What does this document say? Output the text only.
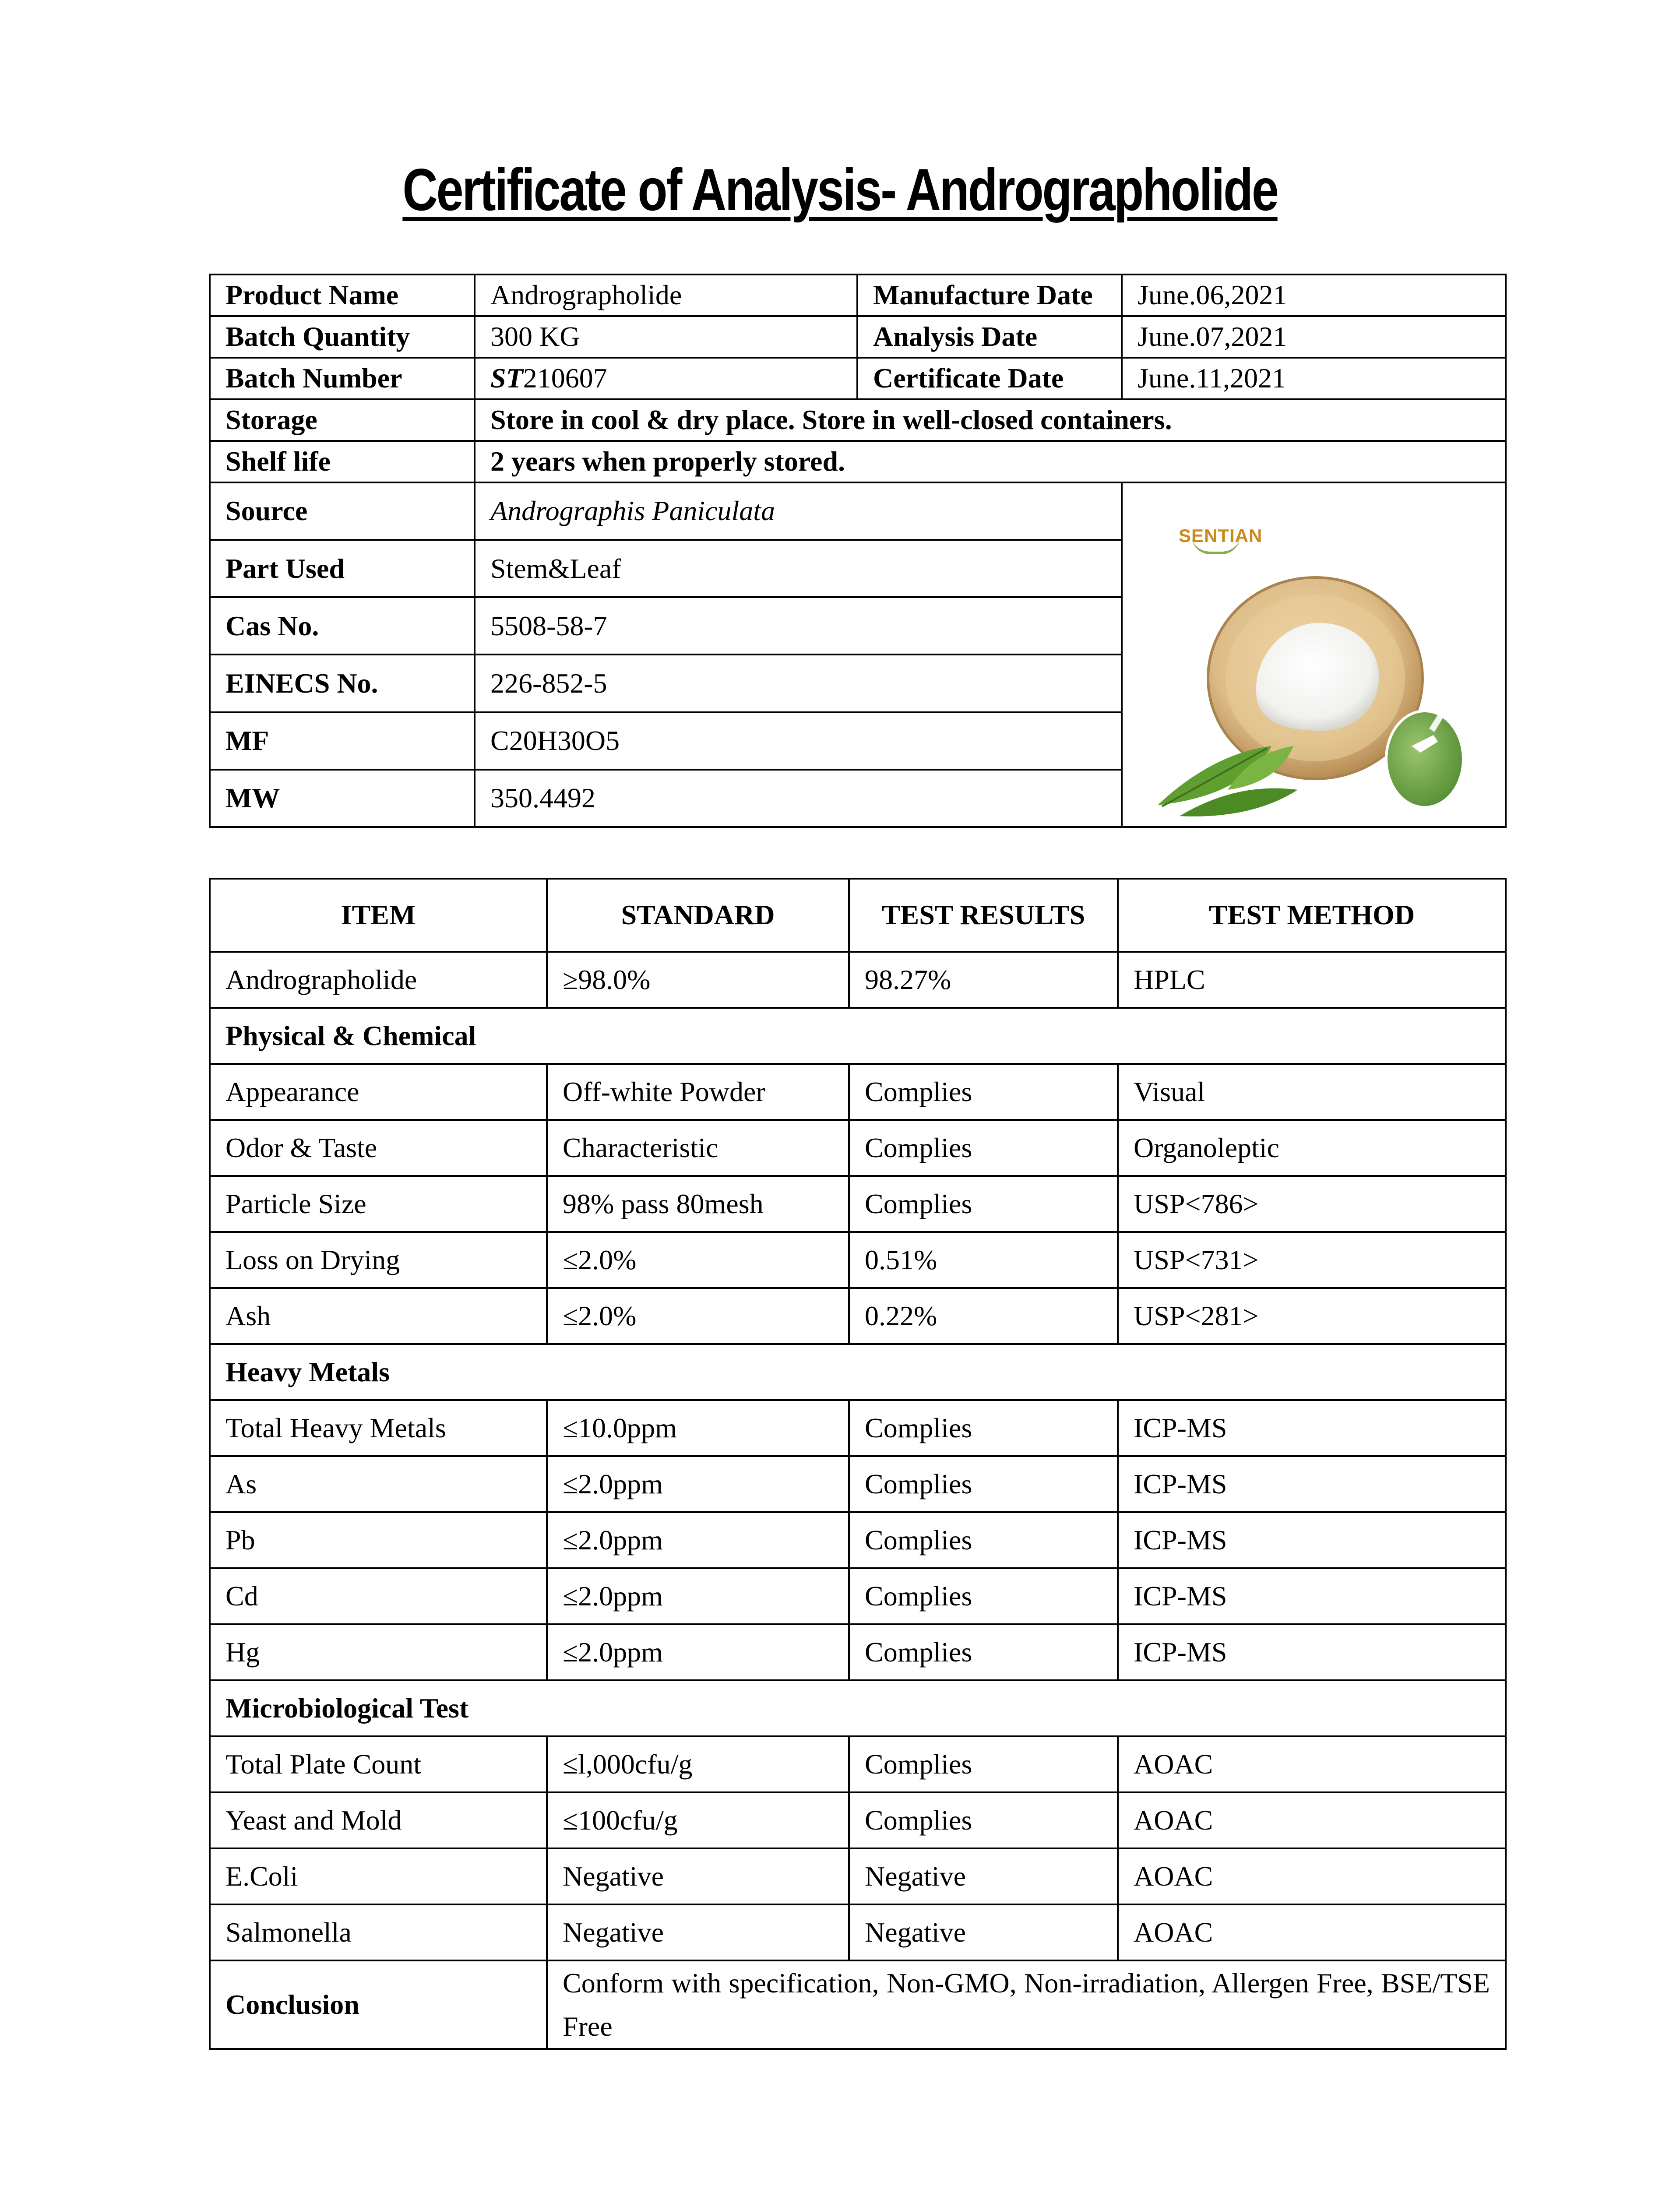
Certificate of Analysis- Andrographolide
Product Name	Andrographolide	Manufacture Date	June.06,2021
Batch Quantity	300 KG	Analysis Date	June.07,2021
Batch Number	ST210607	Certificate Date	June.11,2021
Storage	Store in cool & dry place. Store in well-closed containers.		
Shelf life	2 years when properly stored.		
Source	Andrographis Paniculata		SENTIAN

Part Used	Stem&Leaf		
Cas No.	5508-58-7		
EINECS No.	226-852-5		
MF	C20H30O5		
MW	350.4492		
ITEM	STANDARD	TEST RESULTS	TEST METHOD
Andrographolide	≥98.0%	98.27%	HPLC
Physical & Chemical			
Appearance	Off-white Powder	Complies	Visual
Odor & Taste	Characteristic	Complies	Organoleptic
Particle Size	98% pass 80mesh	Complies	USP<786>
Loss on Drying	≤2.0%	0.51%	USP<731>
Ash	≤2.0%	0.22%	USP<281>
Heavy Metals			
Total Heavy Metals	≤10.0ppm	Complies	ICP-MS
As	≤2.0ppm	Complies	ICP-MS
Pb	≤2.0ppm	Complies	ICP-MS
Cd	≤2.0ppm	Complies	ICP-MS
Hg	≤2.0ppm	Complies	ICP-MS
Microbiological Test			
Total Plate Count	≤l,000cfu/g	Complies	AOAC
Yeast and Mold	≤100cfu/g	Complies	AOAC
E.Coli	Negative	Negative	AOAC
Salmonella	Negative	Negative	AOAC
Conclusion	Conform with specification, Non-GMO, Non-irradiation, Allergen Free, BSE/TSE Free		
